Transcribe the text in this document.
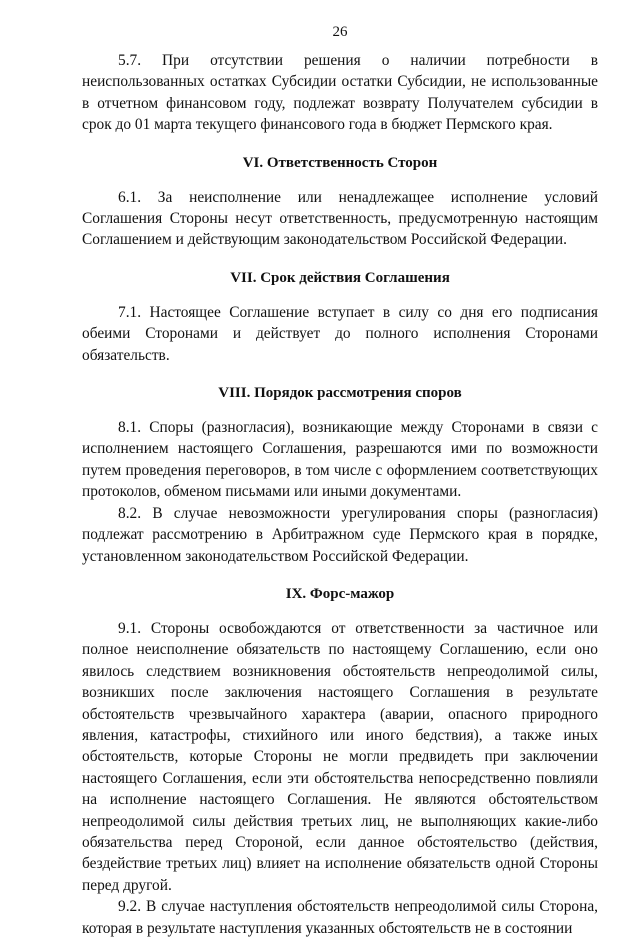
26

5.7. При отсутствии решения о наличии потребности в неиспользованных остатках Субсидии остатки Субсидии, не использованные в отчетном финансовом году, подлежат возврату Получателем субсидии в срок до 01 марта текущего финансового года в бюджет Пермского края.

VI. Ответственность Сторон

6.1. За неисполнение или ненадлежащее исполнение условий Соглашения Стороны несут ответственность, предусмотренную настоящим Соглашением и действующим законодательством Российской Федерации.

VII. Срок действия Соглашения

7.1. Настоящее Соглашение вступает в силу со дня его подписания обеими Сторонами и действует до полного исполнения Сторонами обязательств.

VIII. Порядок рассмотрения споров

8.1. Споры (разногласия), возникающие между Сторонами в связи с исполнением настоящего Соглашения, разрешаются ими по возможности путем проведения переговоров, в том числе с оформлением соответствующих протоколов, обменом письмами или иными документами.

8.2. В случае невозможности урегулирования споры (разногласия) подлежат рассмотрению в Арбитражном суде Пермского края в порядке, установленном законодательством Российской Федерации.

IX. Форс-мажор

9.1. Стороны освобождаются от ответственности за частичное или полное неисполнение обязательств по настоящему Соглашению, если оно явилось следствием возникновения обстоятельств непреодолимой силы, возникших после заключения настоящего Соглашения в результате обстоятельств чрезвычайного характера (аварии, опасного природного явления, катастрофы, стихийного или иного бедствия), а также иных обстоятельств, которые Стороны не могли предвидеть при заключении настоящего Соглашения, если эти обстоятельства непосредственно повлияли на исполнение настоящего Соглашения. Не являются обстоятельством непреодолимой силы действия третьих лиц, не выполняющих какие-либо обязательства перед Стороной, если данное обстоятельство (действия, бездействие третьих лиц) влияет на исполнение обязательств одной Стороны перед другой.

9.2. В случае наступления обстоятельств непреодолимой силы Сторона, которая в результате наступления указанных обстоятельств не в состоянии
